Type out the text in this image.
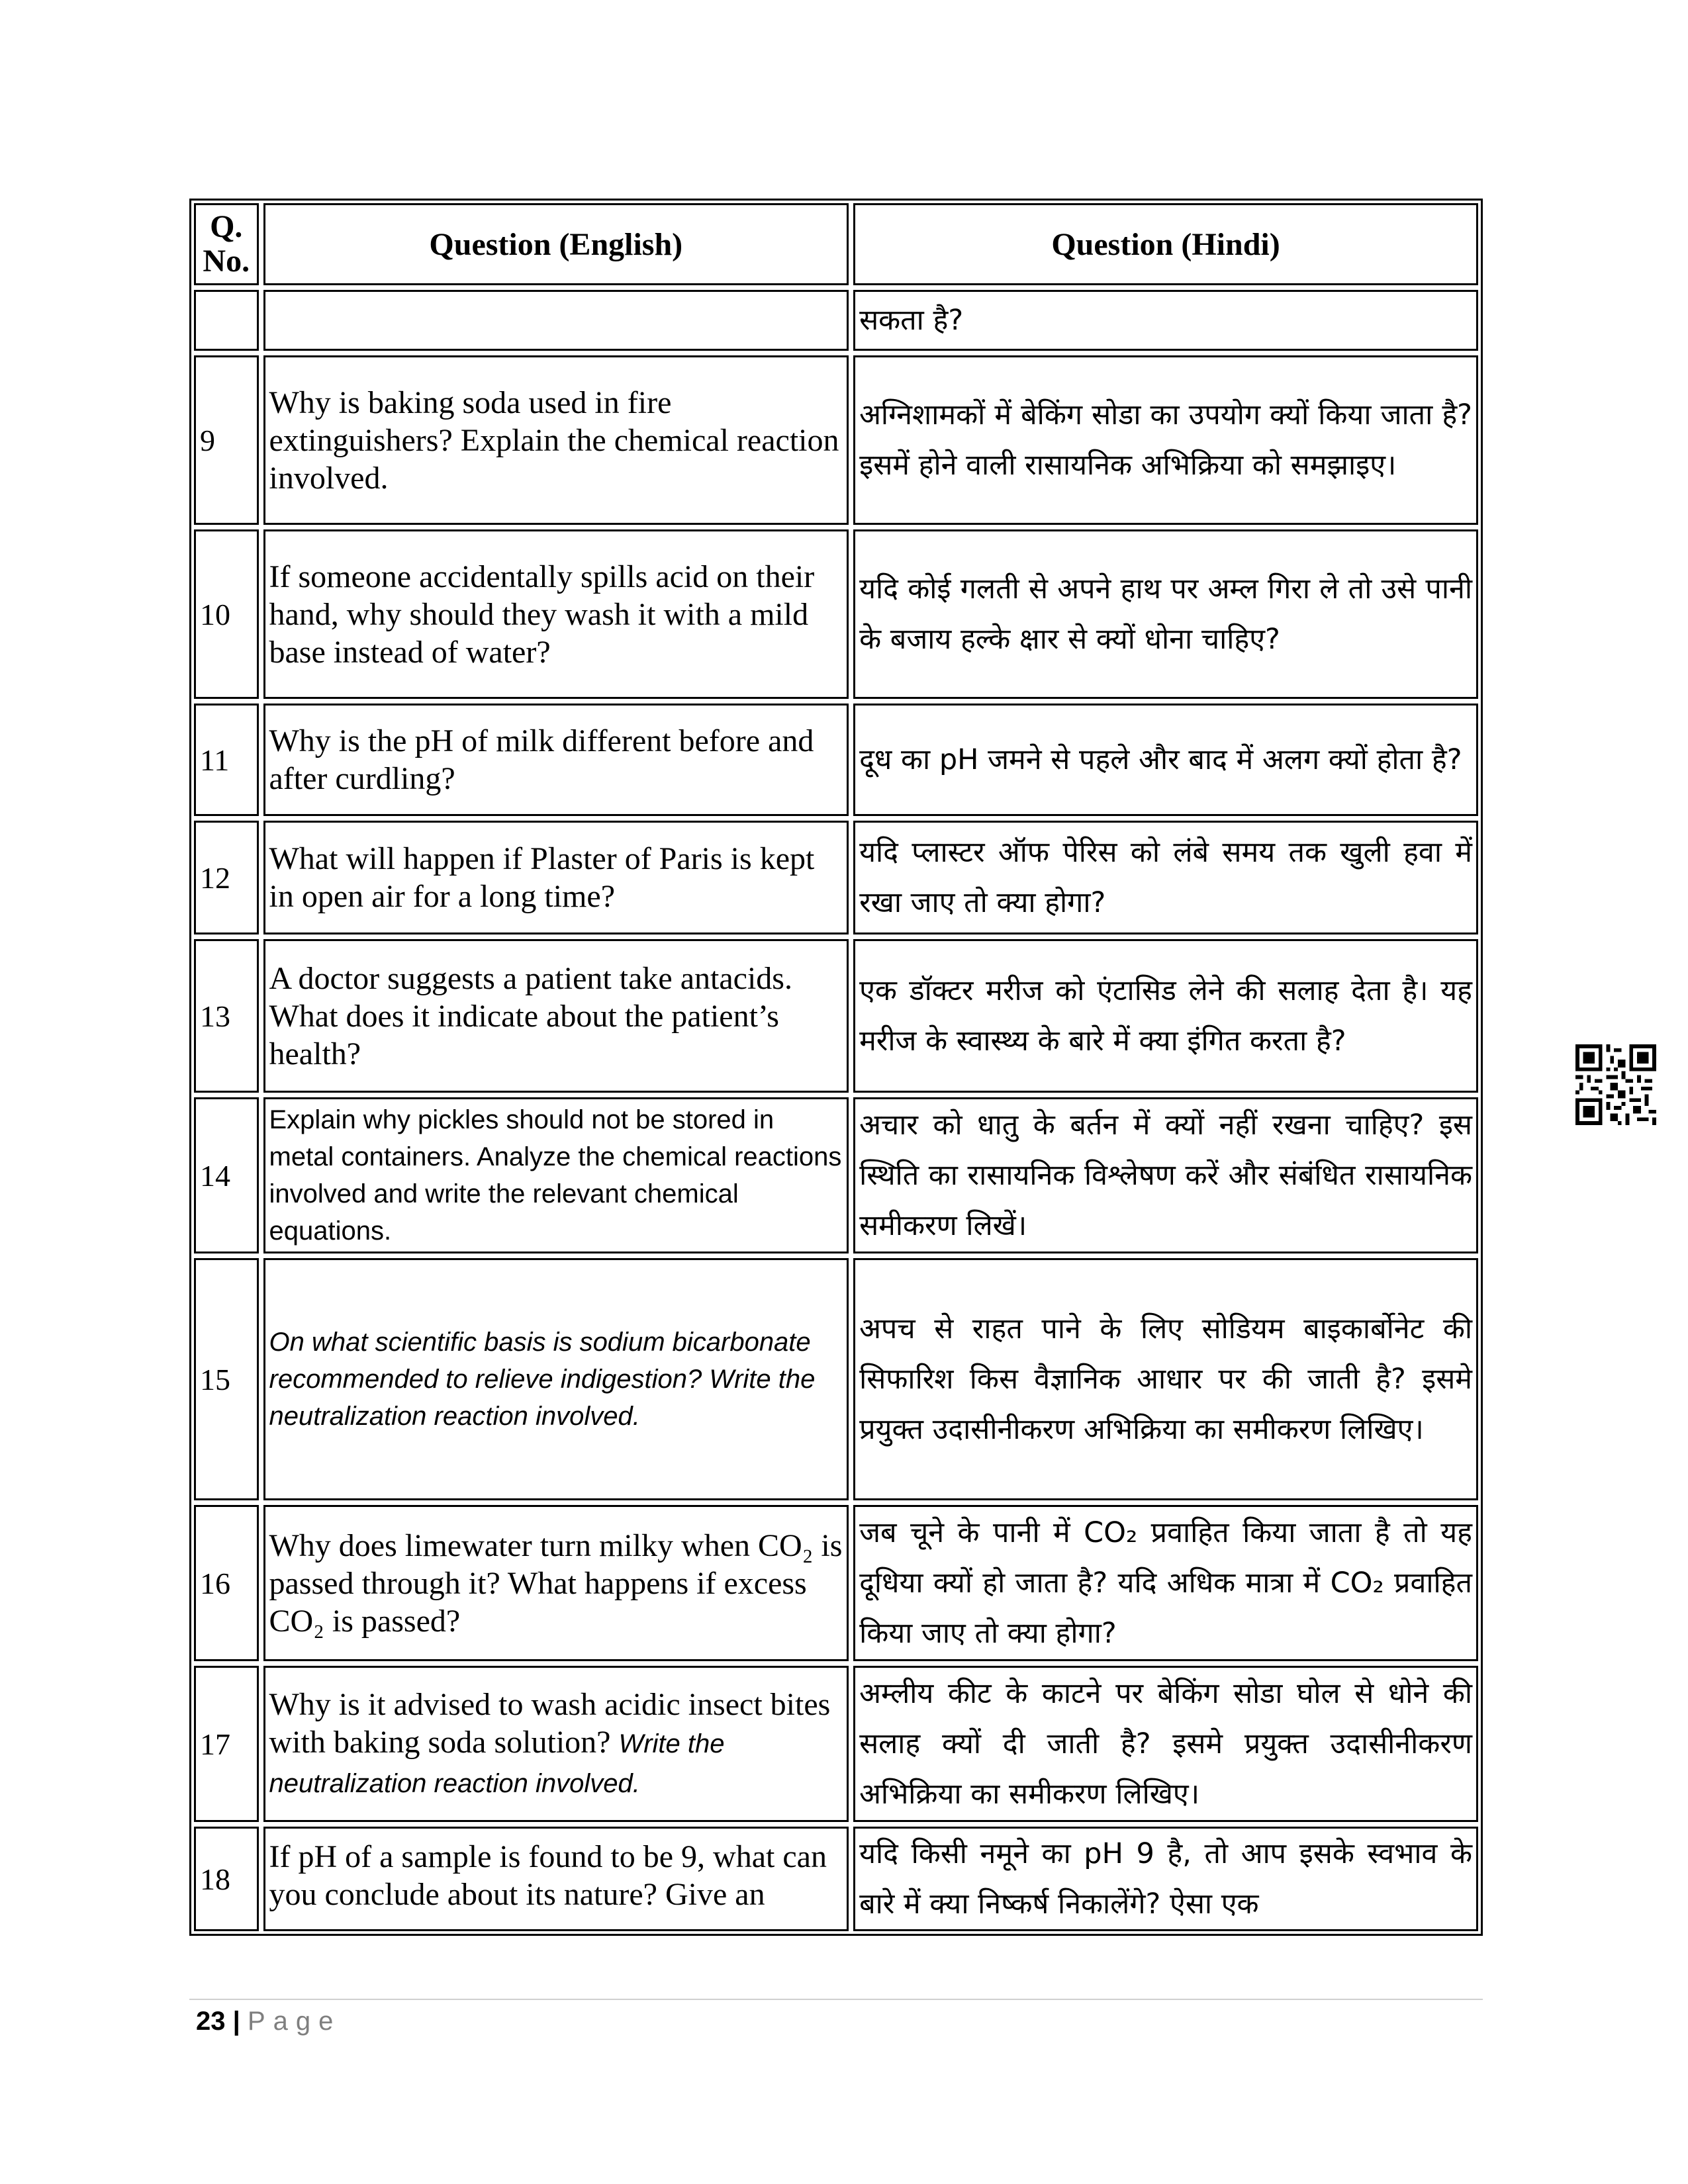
Q.
No.	Question (English)	Question (Hindi)
		सकता है?
9	Why is baking soda used in fire extinguishers? Explain the chemical reaction involved.	अग्निशामकों में बेकिंग सोडा का उपयोग क्यों किया जाता है? इसमें होने वाली रासायनिक अभिक्रिया को समझाइए।
10	If someone accidentally spills acid on their hand, why should they wash it with a mild base instead of water?	यदि कोई गलती से अपने हाथ पर अम्ल गिरा ले तो उसे पानी के बजाय हल्के क्षार से क्यों धोना चाहिए?
11	Why is the pH of milk different before and after curdling?	दूध का pH जमने से पहले और बाद में अलग क्यों होता है?
12	What will happen if Plaster of Paris is kept in open air for a long time?	यदि प्लास्टर ऑफ पेरिस को लंबे समय तक खुली हवा में रखा जाए तो क्या होगा?
13	A doctor suggests a patient take antacids. What does it indicate about the patient’s health?	एक डॉक्टर मरीज को एंटासिड लेने की सलाह देता है। यह मरीज के स्वास्थ्य के बारे में क्या इंगित करता है?
14	Explain why pickles should not be stored in metal containers. Analyze the chemical reactions involved and write the relevant chemical equations.	अचार को धातु के बर्तन में क्यों नहीं रखना चाहिए? इस स्थिति का रासायनिक विश्लेषण करें और संबंधित रासायनिक समीकरण लिखें।
15	On what scientific basis is sodium bicarbonate recommended to relieve indigestion? Write the neutralization reaction involved.	अपच से राहत पाने के लिए सोडियम बाइकार्बोनेट की सिफारिश किस वैज्ञानिक आधार पर की जाती है? इसमे प्रयुक्त उदासीनीकरण अभिक्रिया का समीकरण लिखिए।
16	Why does limewater turn milky when CO₂ is passed through it? What happens if excess CO₂ is passed?	जब चूने के पानी में CO₂ प्रवाहित किया जाता है तो यह दूधिया क्यों हो जाता है? यदि अधिक मात्रा में CO₂ प्रवाहित किया जाए तो क्या होगा?
17	Why is it advised to wash acidic insect bites with baking soda solution? Write the neutralization reaction involved.	अम्लीय कीट के काटने पर बेकिंग सोडा घोल से धोने की सलाह क्यों दी जाती है? इसमे प्रयुक्त उदासीनीकरण अभिक्रिया का समीकरण लिखिए।
18	If pH of a sample is found to be 9, what can you conclude about its nature? Give an	यदि किसी नमूने का pH 9 है, तो आप इसके स्वभाव के बारे में क्या निष्कर्ष निकालेंगे? ऐसा एक
23 | Page
